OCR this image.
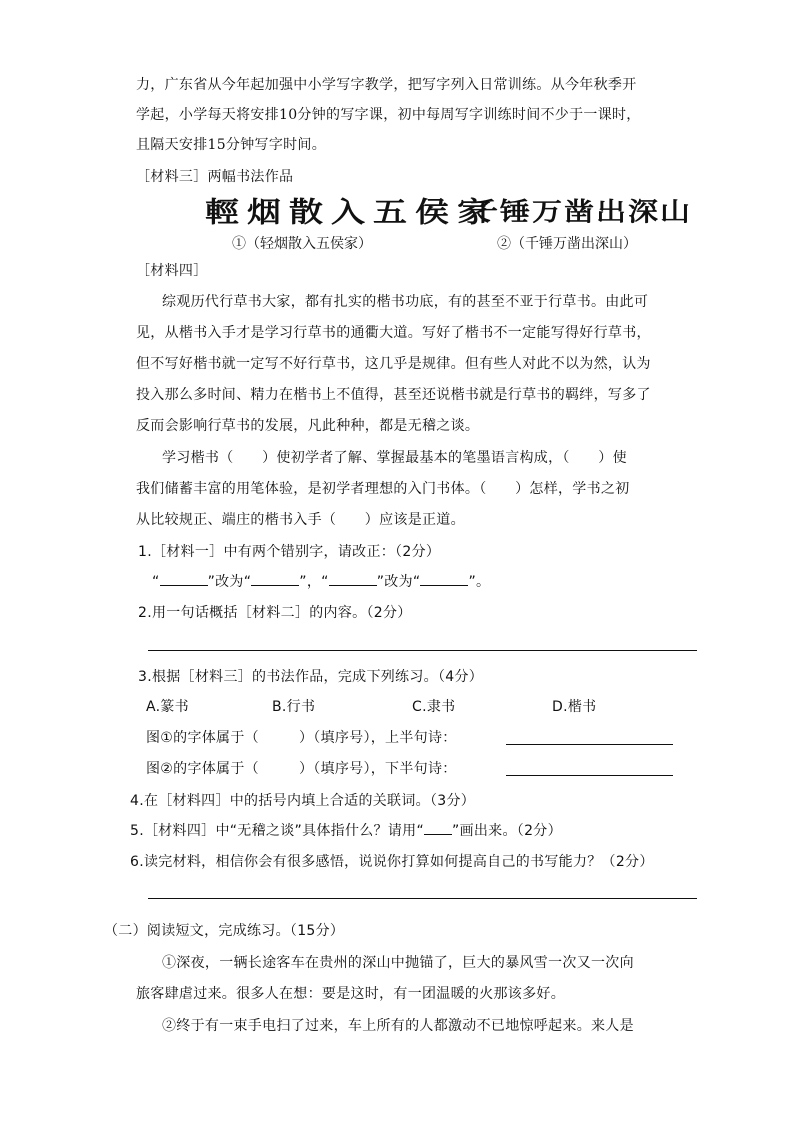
力，广东省从今年起加强中小学写字教学，把写字列入日常训练。从今年秋季开
学起，小学每天将安排10分钟的写字课，初中每周写字训练时间不少于一课时，
且隔天安排15分钟写字时间。
［材料三］两幅书法作品
輕烟散入五侯家
千锤万凿出深山
①（轻烟散入五侯家）	②（千锤万凿出深山）
［材料四］
综观历代行草书大家，都有扎实的楷书功底，有的甚至不亚于行草书。由此可
见，从楷书入手才是学习行草书的通衢大道。写好了楷书不一定能写得好行草书，
但不写好楷书就一定写不好行草书，这几乎是规律。但有些人对此不以为然，认为
投入那么多时间、精力在楷书上不值得，甚至还说楷书就是行草书的羁绊，写多了
反而会影响行草书的发展，凡此种种，都是无稽之谈。
学习楷书（　　）使初学者了解、掌握最基本的笔墨语言构成，（　　）使
我们储蓄丰富的用笔体验，是初学者理想的入门书体。（　　）怎样，学书之初
从比较规正、端庄的楷书入手（　　）应该是正道。
1.［材料一］中有两个错别字，请改正：（2分）
“	”改为“	”，“	”改为“	”。
2.用一句话概括［材料二］的内容。（2分）
3.根据［材料三］的书法作品，完成下列练习。（4分）
A.篆书	B.行书	C.隶书	D.楷书
图①的字体属于（	）（填序号），上半句诗：
图②的字体属于（	）（填序号），下半句诗：
4.在［材料四］中的括号内填上合适的关联词。（3分）
5.［材料四］中“无稽之谈”具体指什么？请用“ ”画出来。（2分）
6.读完材料，相信你会有很多感悟，说说你打算如何提高自己的书写能力？（2分）
（二）阅读短文，完成练习。（15分）
①深夜，一辆长途客车在贵州的深山中抛锚了，巨大的暴风雪一次又一次向
旅客肆虐过来。很多人在想：要是这时，有一团温暖的火那该多好。
②终于有一束手电扫了过来，车上所有的人都激动不已地惊呼起来。来人是
